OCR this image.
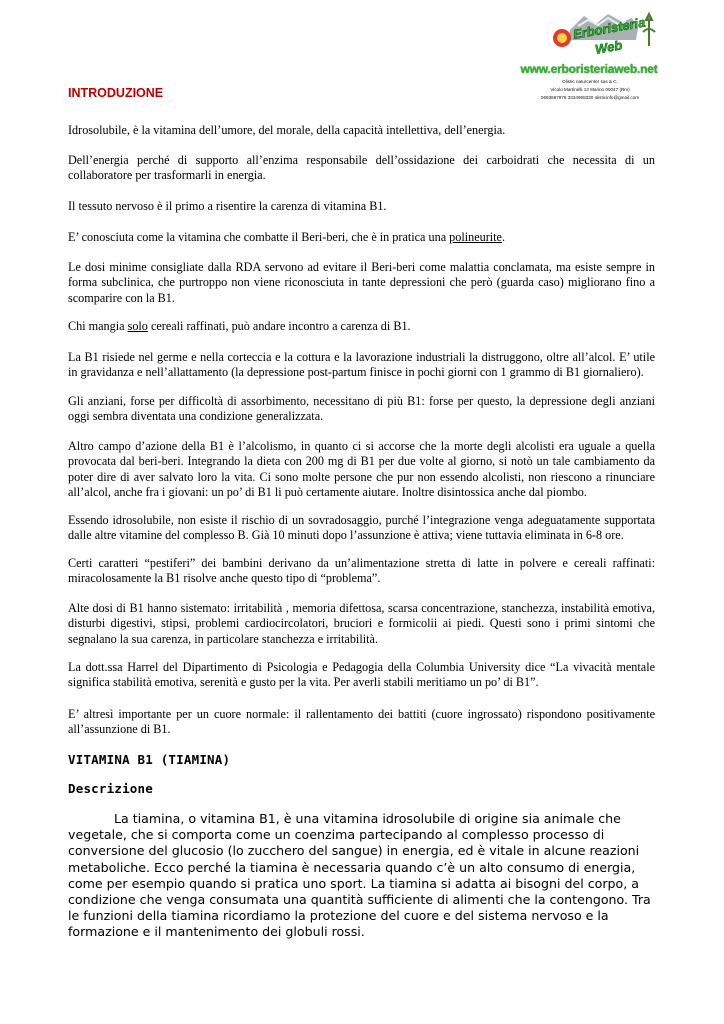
Erboristeria
Web
www.erboristeriaweb.net
Olistic naturcenter sas & C.
Vicolo Martinelli 13 Marino 00047 (Rm)
0693667978 3334968330 olisticinfo@gmail.com
INTRODUZIONE

Idrosolubile, è la vitamina dell’umore, del morale, della capacità intellettiva, dell’energia.

Dell’energia perché di supporto all’enzima responsabile dell’ossidazione dei carboidrati che necessita di un collaboratore per trasformarli in energia.

Il tessuto nervoso è il primo a risentire la carenza di vitamina B1.

E’ conosciuta come la vitamina che combatte il Beri-beri, che è in pratica una polineurite.

Le dosi minime consigliate dalla RDA servono ad evitare il Beri-beri come malattia conclamata, ma esiste sempre in forma subclinica, che purtroppo non viene riconosciuta in tante depressioni che però (guarda caso) migliorano fino a scomparire con la B1.

Chi mangia solo cereali raffinati, può andare incontro a carenza di B1.

La B1 risiede nel germe e nella corteccia e la cottura e la lavorazione industriali la distruggono, oltre all’alcol. E’ utile in gravidanza e nell’allattamento (la depressione post-partum finisce in pochi giorni con 1 grammo di B1 giornaliero).

Gli anziani, forse per difficoltà di assorbimento, necessitano di più B1: forse per questo, la depressione degli anziani oggi sembra diventata una condizione generalizzata.

Altro campo d’azione della B1 è l’alcolismo, in quanto ci si accorse che la morte degli alcolisti era uguale a quella provocata dal beri-beri. Integrando la dieta con 200 mg di B1 per due volte al giorno, si notò un tale cambiamento da poter dire di aver salvato loro la vita. Ci sono molte persone che pur non essendo alcolisti, non riescono a rinunciare all’alcol, anche fra i giovani: un po’ di B1 li può certamente aiutare. Inoltre disintossica anche dal piombo.

Essendo idrosolubile, non esiste il rischio di un sovradosaggio, purché l’integrazione venga adeguatamente supportata dalle altre vitamine del complesso B. Già 10 minuti dopo l’assunzione è attiva; viene tuttavia eliminata in 6-8 ore.

Certi caratteri “pestiferi” dei bambini derivano da un’alimentazione stretta di latte in polvere e cereali raffinati: miracolosamente la B1 risolve anche questo tipo di “problema”.

Alte dosi di B1 hanno sistemato: irritabilità , memoria difettosa, scarsa concentrazione, stanchezza, instabilità emotiva, disturbi digestivi, stipsi, problemi cardiocircolatori, bruciori e formicolii ai piedi. Questi sono i primi sintomi che segnalano la sua carenza, in particolare stanchezza e irritabilità.

La dott.ssa Harrel del Dipartimento di Psicologia e Pedagogia della Columbia University dice “La vivacità mentale significa stabilità emotiva, serenità e gusto per la vita. Per averli stabili meritiamo un po’ di B1”.

E’ altresì importante per un cuore normale: il rallentamento dei battiti (cuore ingrossato) rispondono positivamente all’assunzione di B1.

VITAMINA B1 (TIAMINA)
Descrizione

La tiamina, o vitamina B1, è una vitamina idrosolubile di origine sia animale che vegetale, che si comporta come un coenzima partecipando al complesso processo di conversione del glucosio (lo zucchero del sangue) in energia, ed è vitale in alcune reazioni metaboliche. Ecco perché la tiamina è necessaria quando c’è un alto consumo di energia, come per esempio quando si pratica uno sport. La tiamina si adatta ai bisogni del corpo, a condizione che venga consumata una quantità sufficiente di alimenti che la contengono. Tra le funzioni della tiamina ricordiamo la protezione del cuore e del sistema nervoso e la formazione e il mantenimento dei globuli rossi.
